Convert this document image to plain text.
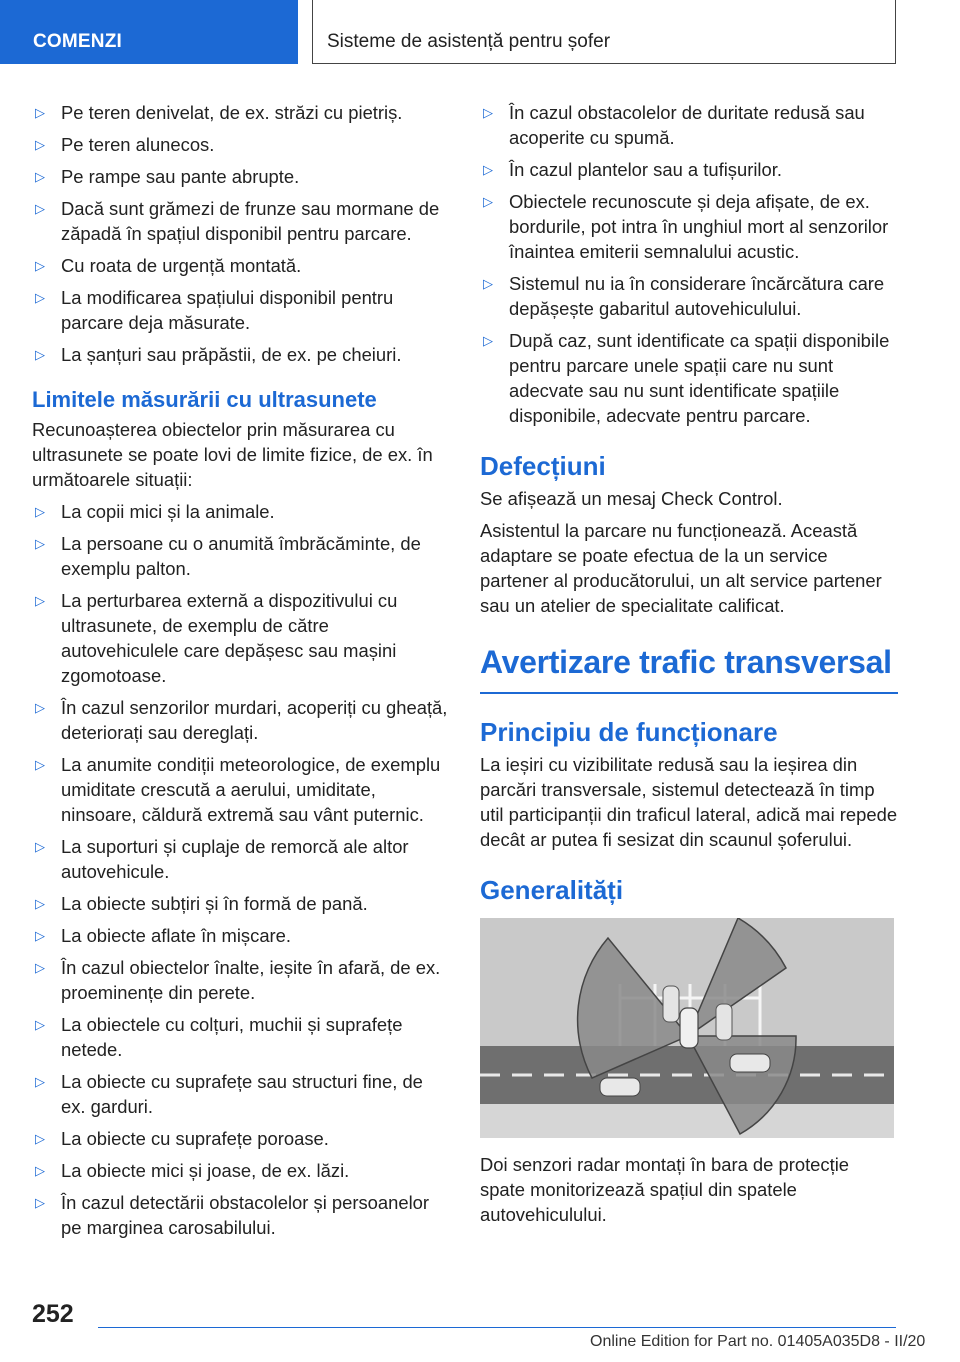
COMENZI	Sisteme de asistență pentru șofer
▷ Pe teren denivelat, de ex. străzi cu pietriș.
▷ Pe teren alunecos.
▷ Pe rampe sau pante abrupte.
▷ Dacă sunt grămezi de frunze sau mormane de zăpadă în spațiul disponibil pentru parcare.
▷ Cu roata de urgență montată.
▷ La modificarea spațiului disponibil pentru parcare deja măsurate.
▷ La șanțuri sau prăpăstii, de ex. pe cheiuri.
Limitele măsurării cu ultrasunete

Recunoașterea obiectelor prin măsurarea cu ultrasunete se poate lovi de limite fizice, de ex. în următoarele situații:

▷ La copii mici și la animale.
▷ La persoane cu o anumită îmbrăcăminte, de exemplu palton.
▷ La perturbarea externă a dispozitivului cu ultrasunete, de exemplu de către autovehiculele care depășesc sau mașini zgomotoase.
▷ În cazul senzorilor murdari, acoperiți cu gheață, deteriorați sau dereglați.
▷ La anumite condiții meteorologice, de exemplu umiditate crescută a aerului, umiditate, ninsoare, căldură extremă sau vânt puternic.
▷ La suporturi și cuplaje de remorcă ale altor autovehicule.
▷ La obiecte subțiri și în formă de pană.
▷ La obiecte aflate în mișcare.
▷ În cazul obiectelor înalte, ieșite în afară, de ex. proeminențe din perete.
▷ La obiectele cu colțuri, muchii și suprafețe netede.
▷ La obiecte cu suprafețe sau structuri fine, de ex. garduri.
▷ La obiecte cu suprafețe poroase.
▷ La obiecte mici și joase, de ex. lăzi.
▷ În cazul detectării obstacolelor și persoanelor pe marginea carosabilului.
▷ În cazul obstacolelor de duritate redusă sau acoperite cu spumă.
▷ În cazul plantelor sau a tufișurilor.
▷ Obiectele recunoscute și deja afișate, de ex. bordurile, pot intra în unghiul mort al senzorilor înaintea emiterii semnalului acustic.
▷ Sistemul nu ia în considerare încărcătura care depășește gabaritul autovehiculului.
▷ După caz, sunt identificate ca spații disponibile pentru parcare unele spații care nu sunt adecvate sau nu sunt identificate spațiile disponibile, adecvate pentru parcare.
Defecțiuni

Se afișează un mesaj Check Control.

Asistentul la parcare nu funcționează. Această adaptare se poate efectua de la un service partener al producătorului, un alt service partener sau un atelier de specialitate calificat.

Avertizare trafic transversal
Principiu de funcționare

La ieșiri cu vizibilitate redusă sau la ieșirea din parcări transversale, sistemul detectează în timp util participanții din traficul lateral, adică mai repede decât ar putea fi sesizat din scaunul șoferului.

Generalități

Doi senzori radar montați în bara de protecție spate monitorizează spațiul din spatele autovehiculului.

252
Online Edition for Part no. 01405A035D8 - II/20
